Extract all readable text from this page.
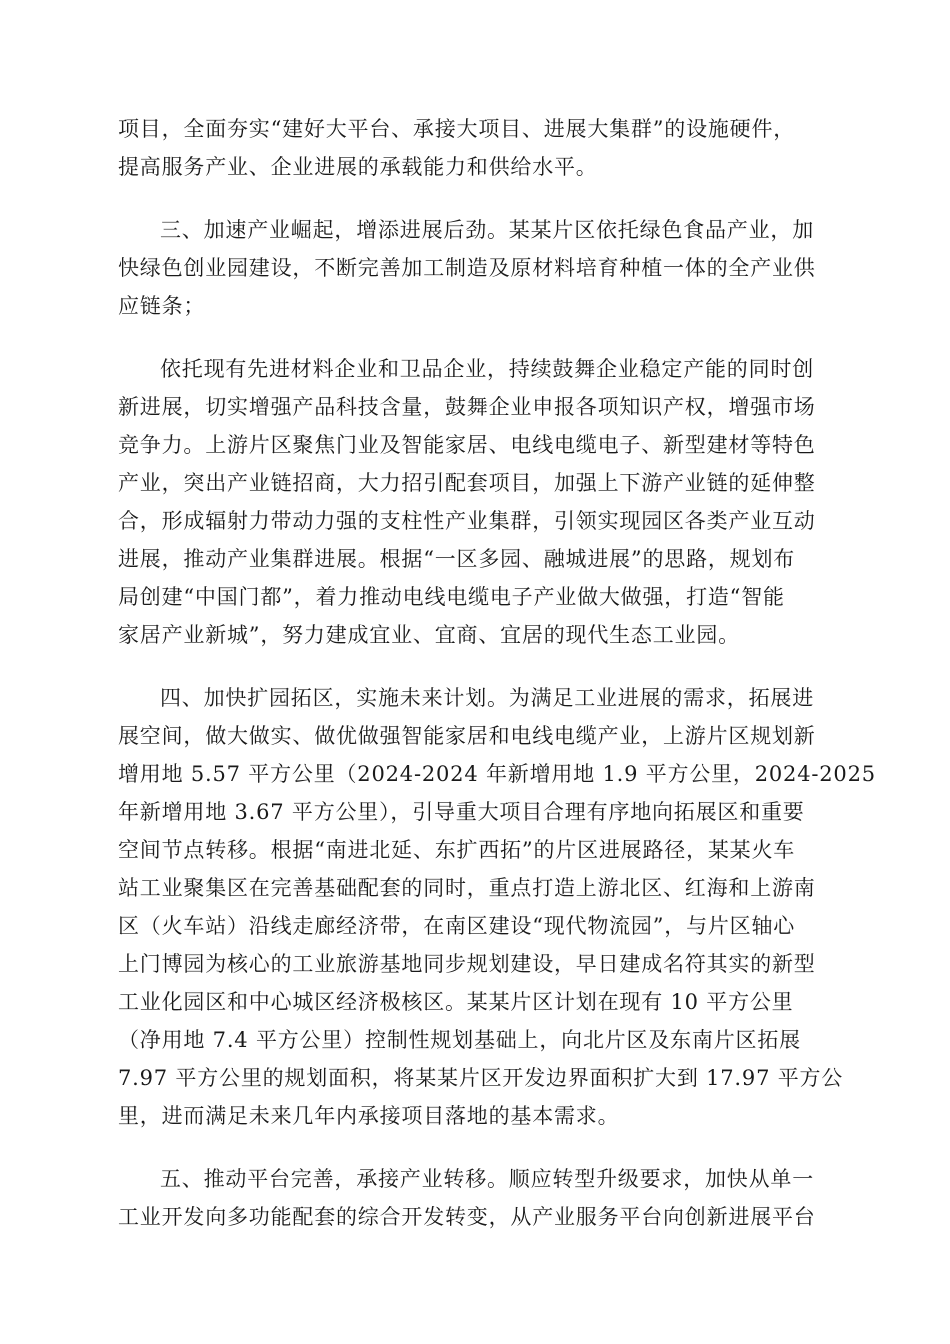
项目，全面夯实“建好大平台、承接大项目、进展大集群”的设施硬件，
提高服务产业、企业进展的承载能力和供给水平。
三、加速产业崛起，增添进展后劲。某某片区依托绿色食品产业，加
快绿色创业园建设，不断完善加工制造及原材料培育种植一体的全产业供
应链条；
依托现有先进材料企业和卫品企业，持续鼓舞企业稳定产能的同时创
新进展，切实增强产品科技含量，鼓舞企业申报各项知识产权，增强市场
竞争力。上游片区聚焦门业及智能家居、电线电缆电子、新型建材等特色
产业，突出产业链招商，大力招引配套项目，加强上下游产业链的延伸整
合，形成辐射力带动力强的支柱性产业集群，引领实现园区各类产业互动
进展，推动产业集群进展。根据“一区多园、融城进展”的思路，规划布
局创建“中国门都”，着力推动电线电缆电子产业做大做强，打造“智能
家居产业新城”，努力建成宜业、宜商、宜居的现代生态工业园。
四、加快扩园拓区，实施未来计划。为满足工业进展的需求，拓展进
展空间，做大做实、做优做强智能家居和电线电缆产业，上游片区规划新
增用地 5.57 平方公里（2024-2024 年新增用地 1.9 平方公里，2024-2025
年新增用地 3.67 平方公里），引导重大项目合理有序地向拓展区和重要
空间节点转移。根据“南进北延、东扩西拓”的片区进展路径，某某火车
站工业聚集区在完善基础配套的同时，重点打造上游北区、红海和上游南
区（火车站）沿线走廊经济带，在南区建设“现代物流园”，与片区轴心
上门博园为核心的工业旅游基地同步规划建设，早日建成名符其实的新型
工业化园区和中心城区经济极核区。某某片区计划在现有 10 平方公里
（净用地 7.4 平方公里）控制性规划基础上，向北片区及东南片区拓展
7.97 平方公里的规划面积，将某某片区开发边界面积扩大到 17.97 平方公
里，进而满足未来几年内承接项目落地的基本需求。
五、推动平台完善，承接产业转移。顺应转型升级要求，加快从单一
工业开发向多功能配套的综合开发转变，从产业服务平台向创新进展平台
